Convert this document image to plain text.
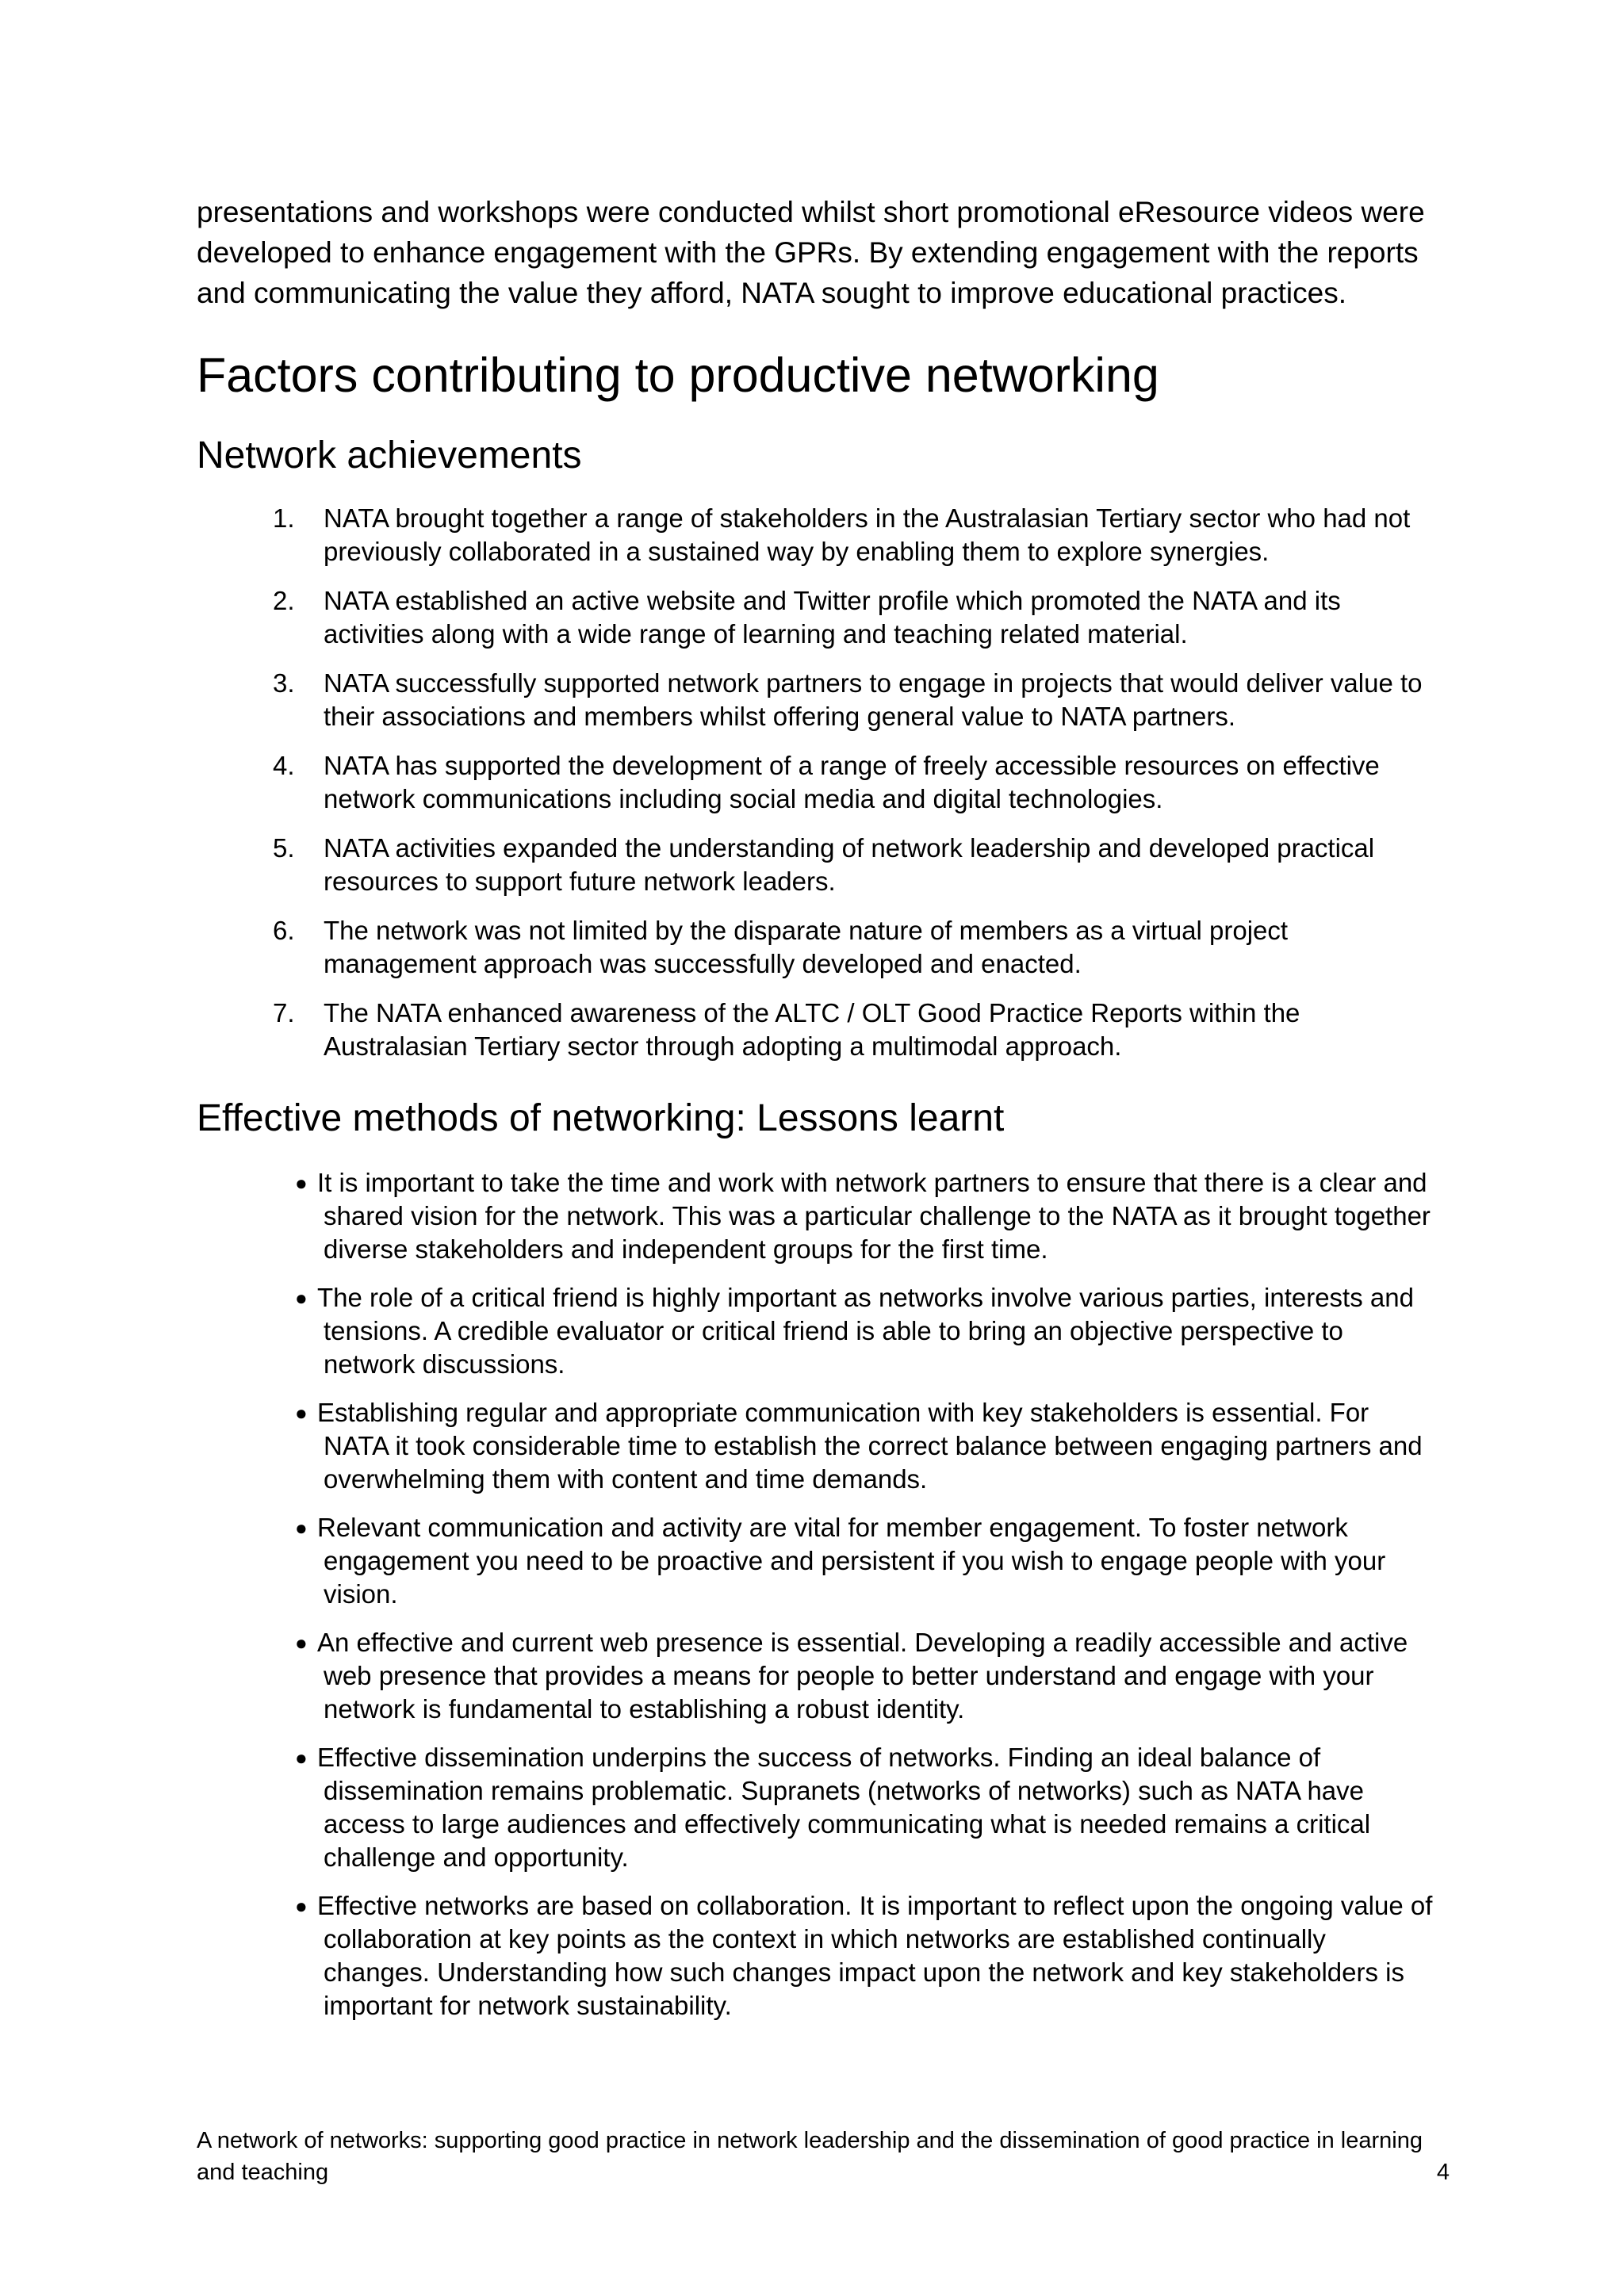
presentations and workshops were conducted whilst short promotional eResource videos were developed to enhance engagement with the GPRs. By extending engagement with the reports and communicating the value they afford, NATA sought to improve educational practices.

Factors contributing to productive networking
Network achievements
1. NATA brought together a range of stakeholders in the Australasian Tertiary sector who had not previously collaborated in a sustained way by enabling them to explore synergies.
2. NATA established an active website and Twitter profile which promoted the NATA and its activities along with a wide range of learning and teaching related material.
3. NATA successfully supported network partners to engage in projects that would deliver value to their associations and members whilst offering general value to NATA partners.
4. NATA has supported the development of a range of freely accessible resources on effective network communications including social media and digital technologies.
5. NATA activities expanded the understanding of network leadership and developed practical resources to support future network leaders.
6. The network was not limited by the disparate nature of members as a virtual project management approach was successfully developed and enacted.
7. The NATA enhanced awareness of the ALTC / OLT Good Practice Reports within the Australasian Tertiary sector through adopting a multimodal approach.
Effective methods of networking: Lessons learnt
● It is important to take the time and work with network partners to ensure that there is a clear and shared vision for the network. This was a particular challenge to the NATA as it brought together diverse stakeholders and independent groups for the first time.
● The role of a critical friend is highly important as networks involve various parties, interests and tensions. A credible evaluator or critical friend is able to bring an objective perspective to network discussions.
● Establishing regular and appropriate communication with key stakeholders is essential. For NATA it took considerable time to establish the correct balance between engaging partners and overwhelming them with content and time demands.
● Relevant communication and activity are vital for member engagement. To foster network engagement you need to be proactive and persistent if you wish to engage people with your vision.
● An effective and current web presence is essential. Developing a readily accessible and active web presence that provides a means for people to better understand and engage with your network is fundamental to establishing a robust identity.
● Effective dissemination underpins the success of networks. Finding an ideal balance of dissemination remains problematic. Supranets (networks of networks) such as NATA have access to large audiences and effectively communicating what is needed remains a critical challenge and opportunity.
● Effective networks are based on collaboration. It is important to reflect upon the ongoing value of collaboration at key points as the context in which networks are established continually changes. Understanding how such changes impact upon the network and key stakeholders is important for network sustainability.
A network of networks: supporting good practice in network leadership and the dissemination of good practice in learning and teaching	4
